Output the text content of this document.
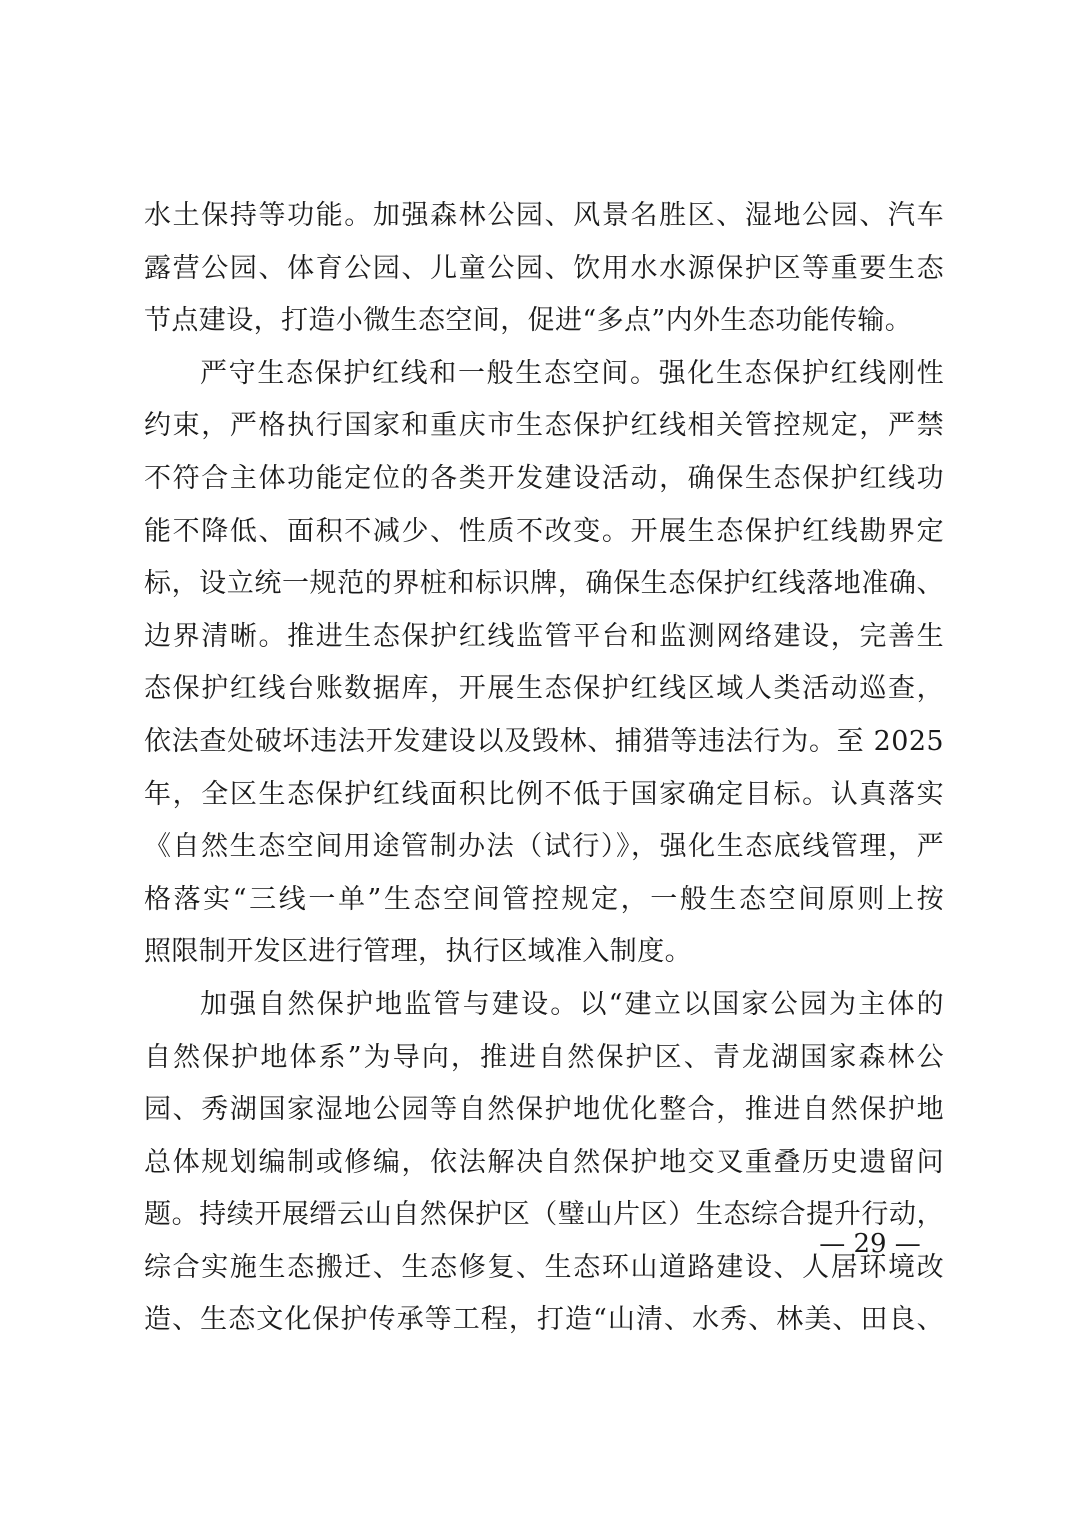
水土保持等功能。加强森林公园、风景名胜区、湿地公园、汽车
露营公园、体育公园、儿童公园、饮用水水源保护区等重要生态
节点建设，打造小微生态空间，促进“多点”内外生态功能传输。
严守生态保护红线和一般生态空间。强化生态保护红线刚性
约束，严格执行国家和重庆市生态保护红线相关管控规定，严禁
不符合主体功能定位的各类开发建设活动，确保生态保护红线功
能不降低、面积不减少、性质不改变。开展生态保护红线勘界定
标，设立统一规范的界桩和标识牌，确保生态保护红线落地准确、
边界清晰。推进生态保护红线监管平台和监测网络建设，完善生
态保护红线台账数据库，开展生态保护红线区域人类活动巡查，
依法查处破坏违法开发建设以及毁林、捕猎等违法行为。至 2025
年，全区生态保护红线面积比例不低于国家确定目标。认真落实
《自然生态空间用途管制办法（试行）》，强化生态底线管理，严
格落实“三线一单”生态空间管控规定，一般生态空间原则上按
照限制开发区进行管理，执行区域准入制度。
加强自然保护地监管与建设。以“建立以国家公园为主体的
自然保护地体系”为导向，推进自然保护区、青龙湖国家森林公
园、秀湖国家湿地公园等自然保护地优化整合，推进自然保护地
总体规划编制或修编，依法解决自然保护地交叉重叠历史遗留问
题。持续开展缙云山自然保护区（璧山片区）生态综合提升行动，
综合实施生态搬迁、生态修复、生态环山道路建设、人居环境改
造、生态文化保护传承等工程，打造“山清、水秀、林美、田良、
— 29 —
